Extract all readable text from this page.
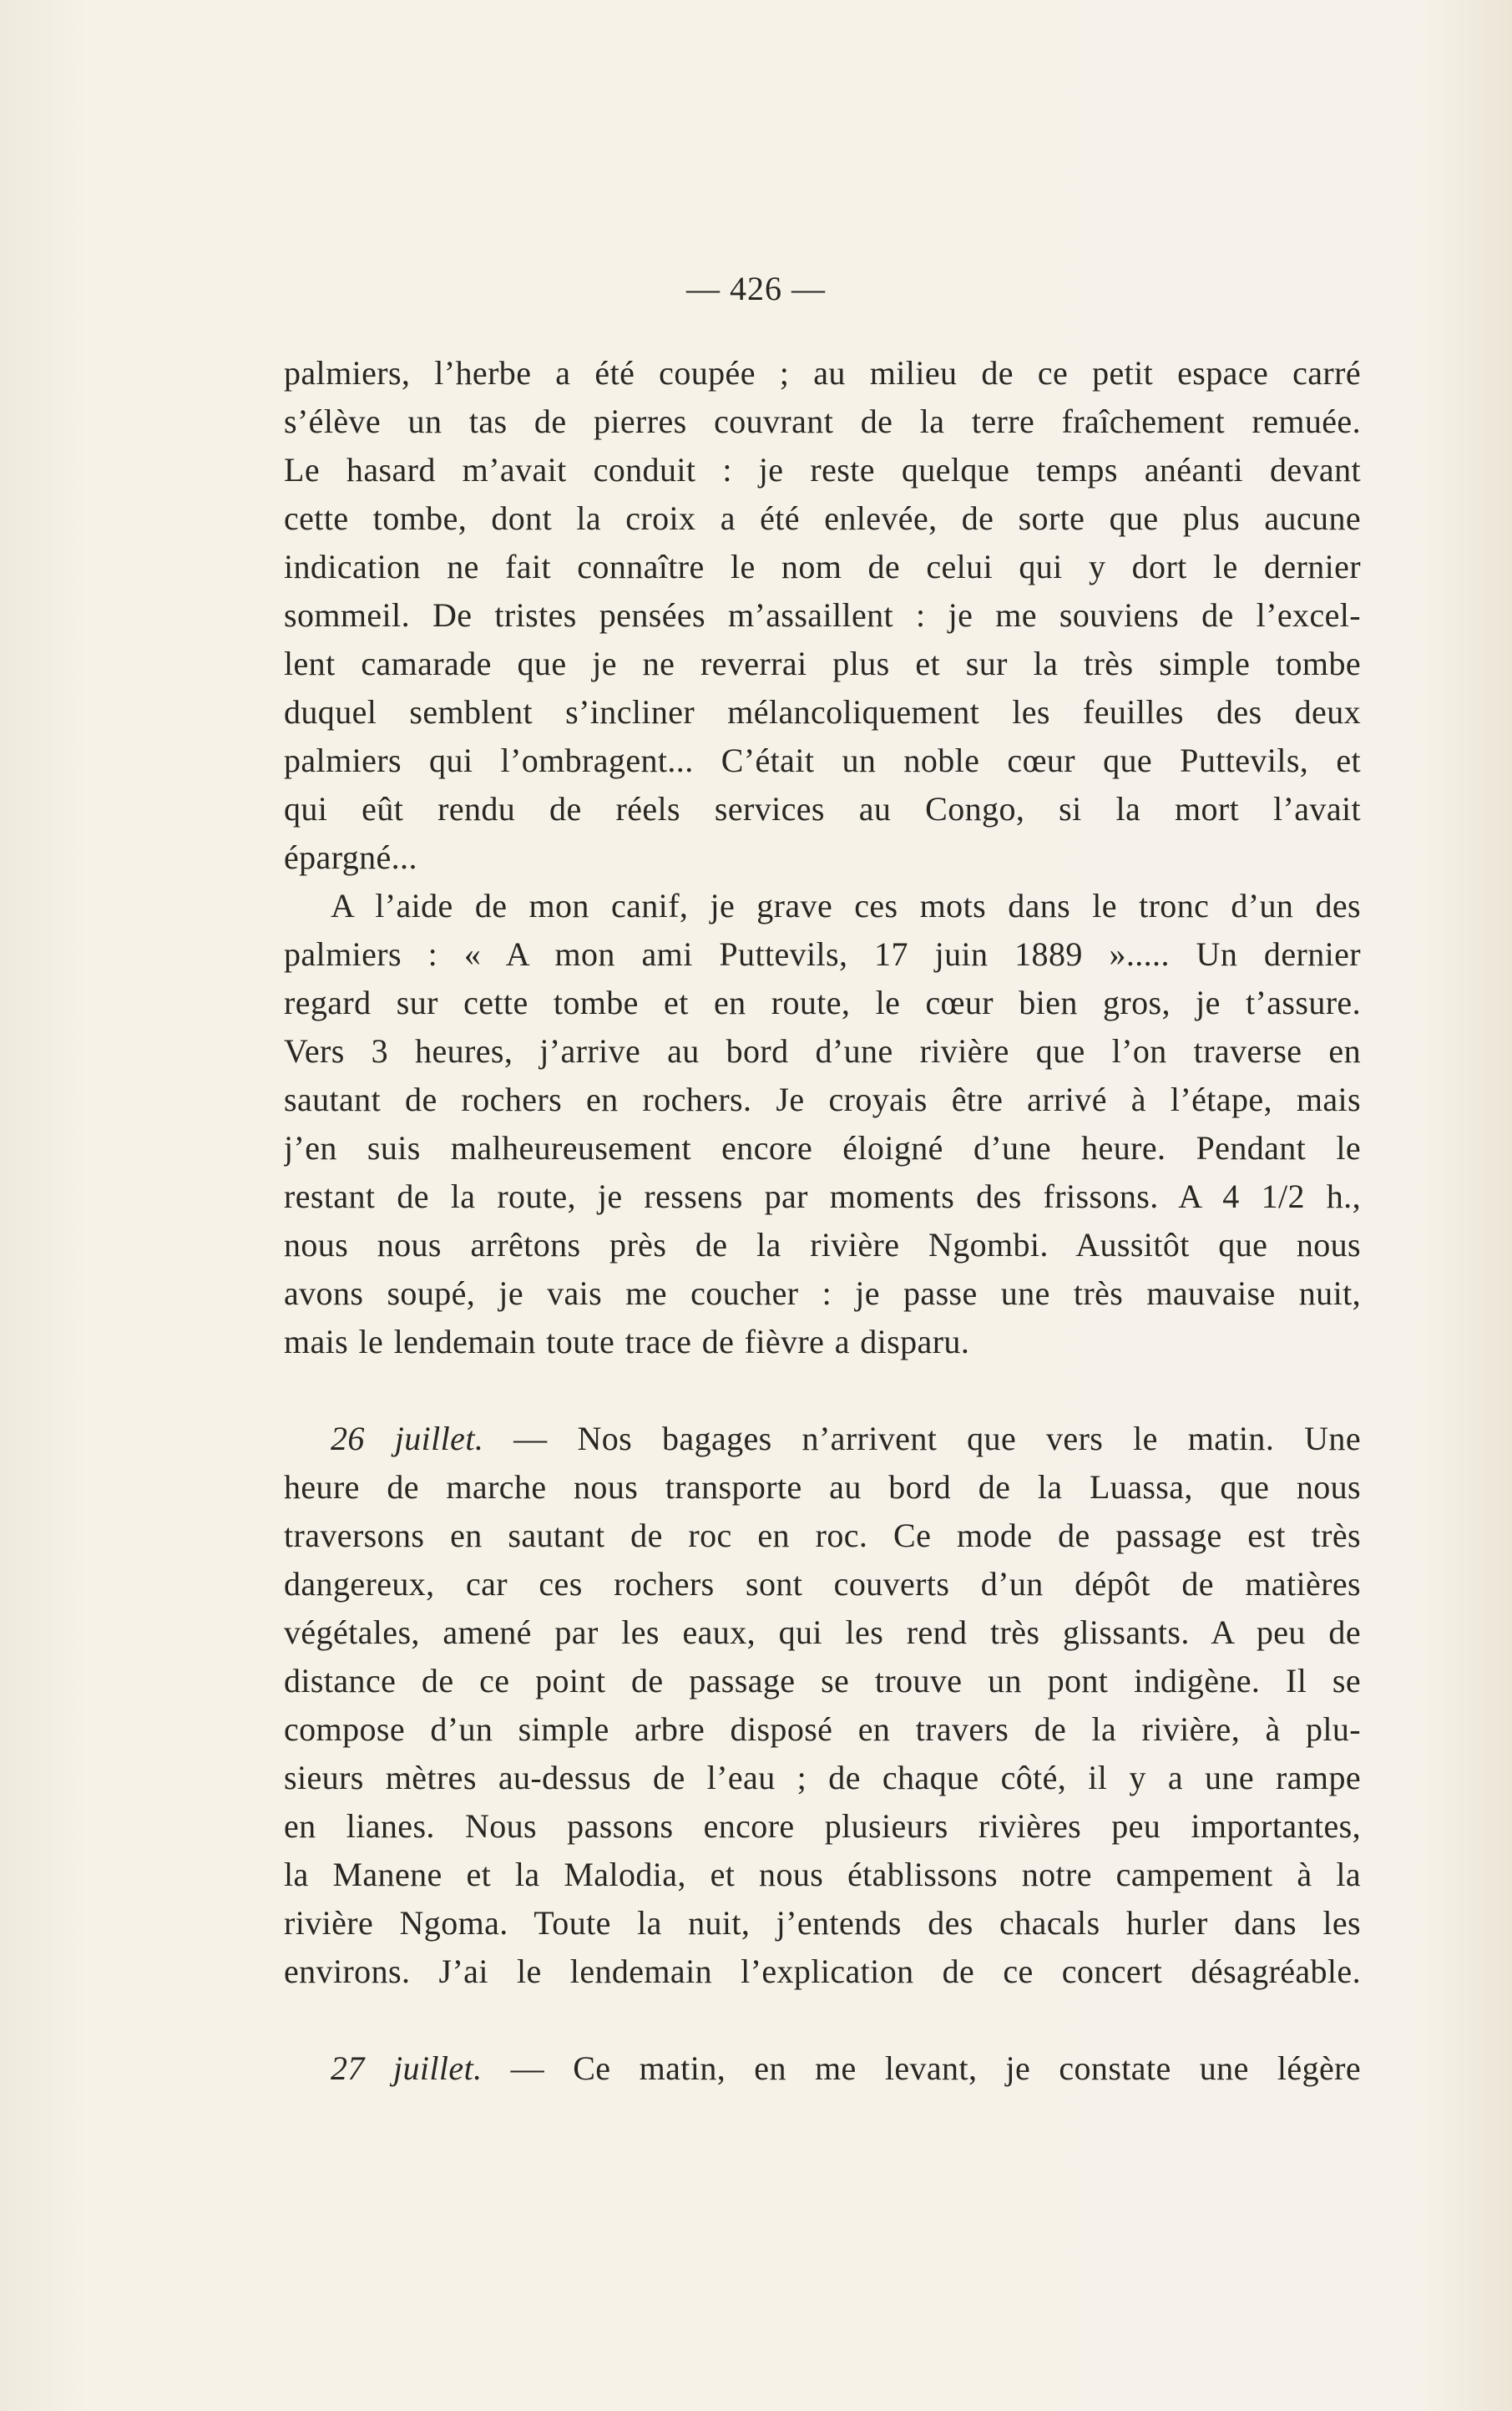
— 426 —
palmiers, l’herbe a été coupée ; au milieu de ce petit espace carré
s’élève un tas de pierres couvrant de la terre fraîchement remuée.
Le hasard m’avait conduit : je reste quelque temps anéanti devant
cette tombe, dont la croix a été enlevée, de sorte que plus aucune
indication ne fait connaître le nom de celui qui y dort le dernier
sommeil. De tristes pensées m’assaillent : je me souviens de l’excel-
lent camarade que je ne reverrai plus et sur la très simple tombe
duquel semblent s’incliner mélancoliquement les feuilles des deux
palmiers qui l’ombragent... C’était un noble cœur que Puttevils, et
qui eût rendu de réels services au Congo, si la mort l’avait
épargné...
A l’aide de mon canif, je grave ces mots dans le tronc d’un des
palmiers : « A mon ami Puttevils, 17 juin 1889 »..... Un dernier
regard sur cette tombe et en route, le cœur bien gros, je t’assure.
Vers 3 heures, j’arrive au bord d’une rivière que l’on traverse en
sautant de rochers en rochers. Je croyais être arrivé à l’étape, mais
j’en suis malheureusement encore éloigné d’une heure. Pendant le
restant de la route, je ressens par moments des frissons. A 4 1/2 h.,
nous nous arrêtons près de la rivière Ngombi. Aussitôt que nous
avons soupé, je vais me coucher : je passe une très mauvaise nuit,
mais le lendemain toute trace de fièvre a disparu.
26 juillet. — Nos bagages n’arrivent que vers le matin. Une
heure de marche nous transporte au bord de la Luassa, que nous
traversons en sautant de roc en roc. Ce mode de passage est très
dangereux, car ces rochers sont couverts d’un dépôt de matières
végétales, amené par les eaux, qui les rend très glissants. A peu de
distance de ce point de passage se trouve un pont indigène. Il se
compose d’un simple arbre disposé en travers de la rivière, à plu-
sieurs mètres au-dessus de l’eau ; de chaque côté, il y a une rampe
en lianes. Nous passons encore plusieurs rivières peu importantes,
la Manene et la Malodia, et nous établissons notre campement à la
rivière Ngoma. Toute la nuit, j’entends des chacals hurler dans les
environs. J’ai le lendemain l’explication de ce concert désagréable.
27 juillet. — Ce matin, en me levant, je constate une légère
